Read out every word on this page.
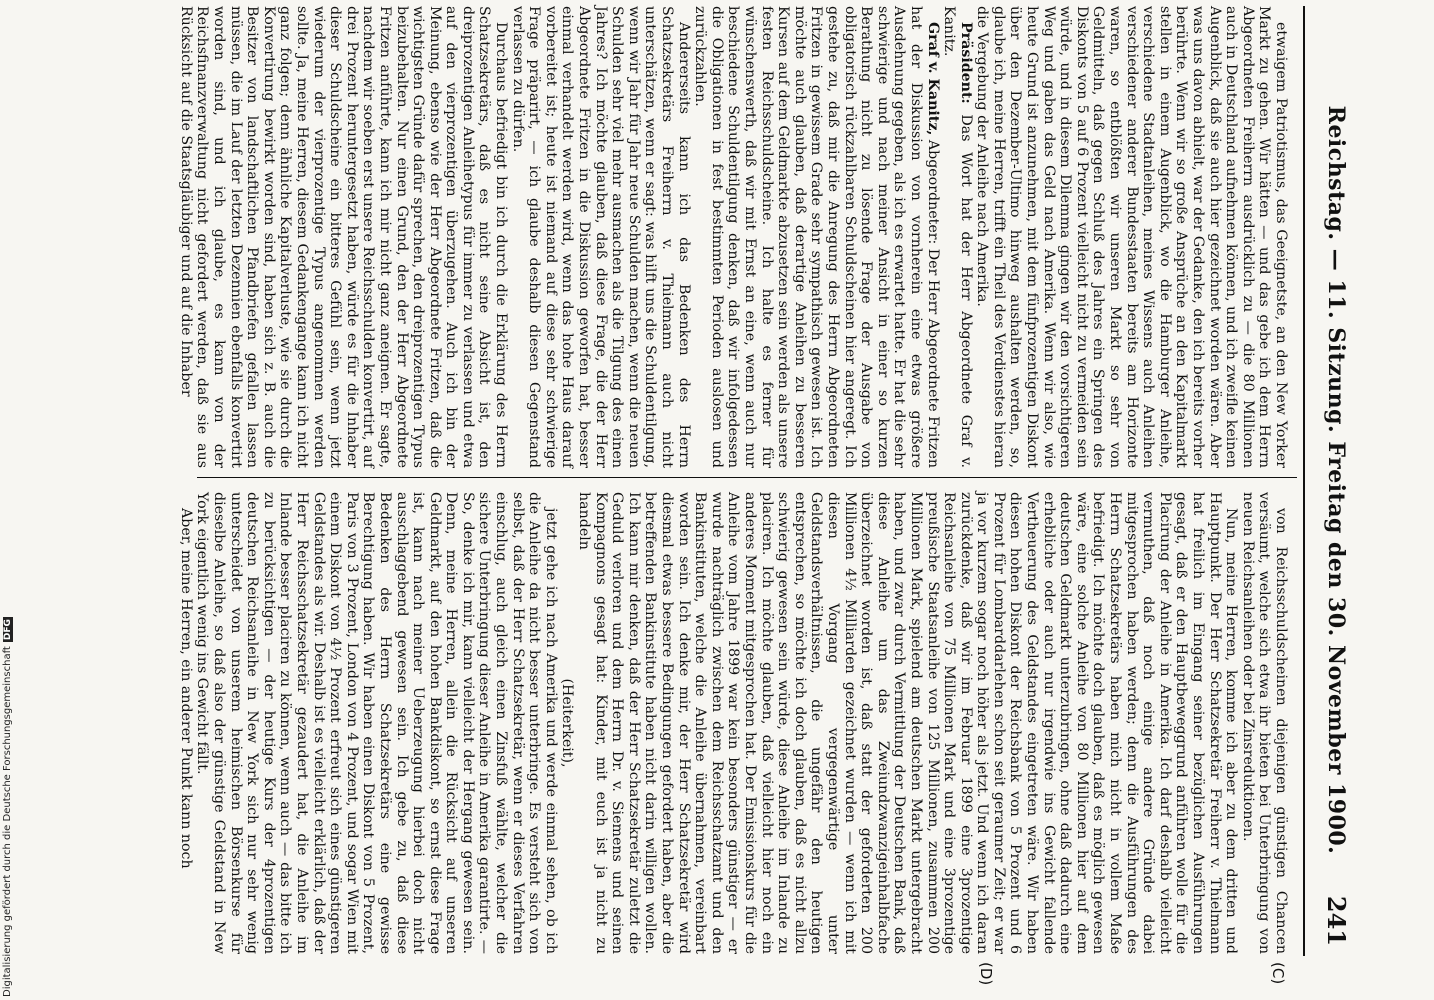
Reichstag. — 11. Sitzung. Freitag den 30. November 1900.
241
(C)
(D)

etwaigem Patriotismus, das Geeignetste, an den New Yorker Markt zu gehen. Wir hätten — und das gebe ich dem Herrn Abgeordneten Freiherrn ausdrücklich zu — die 80 Millionen auch in Deutschland aufnehmen können, und ich zweifle keinen Augenblick, daß sie auch hier gezeichnet worden wären. Aber was uns davon abhielt, war der Gedanke, den ich bereits vorher berührte. Wenn wir so große Ansprüche an den Kapitalmarkt stellen in einem Augenblick, wo die Hamburger Anleihe, verschiedene Stadtanleihen, meines Wissens auch Anleihen verschiedener anderer Bundesstaaten bereits am Horizonte waren, so entblößten wir unseren Markt so sehr von Geldmitteln, daß gegen Schluß des Jahres ein Springen des Diskonts von 5 auf 6 Prozent vielleicht nicht zu vermeiden sein würde, und in diesem Dilemma gingen wir den vorsichtigeren Weg und gaben das Geld nach Amerika. Wenn wir also, wie heute Grund ist anzunehmen, mit dem fünfprozentigen Diskont über den Dezember-Ultimo hinweg aushalten werden, so, glaube ich, meine Herren, trifft ein Theil des Verdienstes hieran die Vergebung der Anleihe nach Amerika.

Präsident: Das Wort hat der Herr Abgeordnete Graf v. Kanitz.

Graf v. Kanitz, Abgeordneter: Der Herr Abgeordnete Fritzen hat der Diskussion von vornherein eine etwas größere Ausdehnung gegeben, als ich es erwartet hatte. Er hat die sehr schwierige und nach meiner Ansicht in einer so kurzen Berathung nicht zu lösende Frage der Ausgabe von obligatorisch rückzahlbaren Schuldscheinen hier angeregt. Ich gestehe zu, daß mir die Anregung des Herrn Abgeordneten Fritzen in gewissem Grade sehr sympathisch gewesen ist. Ich möchte auch glauben, daß derartige Anleihen zu besseren Kursen auf dem Geldmarkte abzusetzen sein werden als unsere festen Reichsschuldscheine. Ich halte es ferner für wünschenswerth, daß wir mit Ernst an eine, wenn auch nur beschiedene Schuldentilgung denken, daß wir infolgedessen die Obligationen in fest bestimmten Perioden auslosen und zurückzahlen.

Andererseits kann ich das Bedenken des Herrn Schatzsekretärs Freiherrn v. Thielmann auch nicht unterschätzen, wenn er sagt: was hilft uns die Schuldentilgung, wenn wir Jahr für Jahr neue Schulden machen, wenn die neuen Schulden sehr viel mehr ausmachen als die Tilgung des einen Jahres? Ich möchte glauben, daß diese Frage, die der Herr Abgeordnete Fritzen in die Diskussion geworfen hat, besser einmal verhandelt werden wird, wenn das hohe Haus darauf vorbereitet ist; heute ist niemand auf diese sehr schwierige Frage präparirt, — ich glaube deshalb diesen Gegenstand verlassen zu dürfen.

Durchaus befriedigt bin ich durch die Erklärung des Herrn Schatzsekretärs, daß es nicht seine Absicht ist, den dreiprozentigen Anleihetypus für immer zu verlassen und etwa auf den vierprozentigen überzugehen. Auch ich bin der Meinung, ebenso wie der Herr Abgeordnete Fritzen, daß die wichtigsten Gründe dafür sprechen, den dreiprozentigen Typus beizubehalten. Nur einen Grund, den der Herr Abgeordnete Fritzen anführte, kann ich mir nicht ganz aneignen. Er sagte, nachdem wir soeben erst unsere Reichsschulden konvertirt, auf drei Prozent heruntergesetzt haben, würde es für die Inhaber dieser Schuldscheine ein bitteres Gefühl sein, wenn jetzt wiederum der vierprozentige Typus angenommen werden sollte. Ja, meine Herren, diesem Gedankengange kann ich nicht ganz folgen; denn ähnliche Kapitalverluste, wie sie durch die Konvertirung bewirkt worden sind, haben sich z. B. auch die Besitzer von landschaftlichen Pfandbriefen gefallen lassen müssen, die im Lauf der letzten Dezennien ebenfalls konvertirt worden sind, und ich glaube, es kann von der Reichsfinanzverwaltung nicht gefordert werden, daß sie aus Rücksicht auf die Staatsgläubiger und auf die Inhaber

von Reichsschuldscheinen diejenigen günstigen Chancen versäumt, welche sich etwa ihr bieten bei Unterbringung von neuen Reichsanleihen oder bei Zinsreduktionen.

Nun, meine Herren, komme ich aber zu dem dritten und Hauptpunkt. Der Herr Schatzsekretär Freiherr v. Thielmann hat freilich im Eingang seiner bezüglichen Ausführungen gesagt, daß er den Hauptbeweggrund anführen wolle für die Placirung der Anleihe in Amerika. Ich darf deshalb vielleicht vermuthen, daß noch einige andere Gründe dabei mitgesprochen haben werden; denn die Ausführungen des Herrn Schatzsekretärs haben mich nicht in vollem Maße befriedigt. Ich möchte doch glauben, daß es möglich gewesen wäre, eine solche Anleihe von 80 Millionen hier auf dem deutschen Geldmarkt unterzubringen, ohne daß dadurch eine erhebliche oder auch nur irgendwie ins Gewicht fallende Vertheuerung des Geldstandes eingetreten wäre. Wir haben diesen hohen Diskont der Reichsbank von 5 Prozent und 6 Prozent für Lombarddarlehen schon seit geraumer Zeit; er war ja vor kurzem sogar noch höher als jetzt. Und wenn ich daran zurückdenke, daß wir im Februar 1899 eine 3prozentige Reichsanleihe von 75 Millionen Mark und eine 3prozentige preußische Staatsanleihe von 125 Millionen, zusammen 200 Millionen Mark, spielend am deutschen Markt untergebracht haben, und zwar durch Vermittlung der Deutschen Bank, daß diese Anleihe um das Zweiundzwanzigeinhalbfache überzeichnet worden ist, daß statt der geforderten 200 Millionen 4½ Milliarden gezeichnet wurden — wenn ich mit diesen Vorgang vergegenwärtige unter Geldstandsverhältnissen, die ungefähr den heutigen entsprechen, so möchte ich doch glauben, daß es nicht allzu schwierig gewesen sein würde, diese Anleihe im Inlande zu placiren. Ich möchte glauben, daß vielleicht hier noch ein anderes Moment mitgesprochen hat. Der Emissionskurs für die Anleihe vom Jahre 1899 war kein besonders günstiger — er wurde nachträglich zwischen dem Reichsschatzamt und den Bankinstituten, welche die Anleihe übernahmen, vereinbart worden sein. Ich denke mir, der Herr Schatzsekretär wird diesmal etwas bessere Bedingungen gefordert haben, aber die betreffenden Bankinstitute haben nicht darin willigen wollen. Ich kann mir denken, daß der Herr Schatzsekretär zuletzt die Geduld verloren und dem Herrn Dr. v. Siemens und seinen Kompagnons gesagt hat: Kinder, mit euch ist ja nicht zu handeln

(Heiterkeit),

jetzt gehe ich nach Amerika und werde einmal sehen, ob ich die Anleihe da nicht besser unterbringe. Es versteht sich von selbst, daß der Herr Schatzsekretär, wenn er dieses Verfahren einschlug, auch gleich einen Zinsfuß wählte, welcher die sichere Unterbringung dieser Anleihe in Amerika garantirte. — So, denke ich mir, kann vielleicht der Hergang gewesen sein. Denn, meine Herren, allein die Rücksicht auf unseren Geldmarkt, auf den hohen Bankdiskont, so ernst diese Frage ist, kann nach meiner Ueberzeugung hierbei doch nicht ausschlaggebend gewesen sein. Ich gebe zu, daß diese Bedenken des Herrn Schatzsekretärs eine gewisse Berechtigung haben. Wir haben einen Diskont von 5 Prozent, Paris von 3 Prozent, London von 4 Prozent, und sogar Wien mit einem Diskont von 4½ Prozent erfreut sich eines günstigeren Geldstandes als wir. Deshalb ist es vielleicht erklärlich, daß der Herr Reichsschatzsekretär gezaudert hat, die Anleihe im Inlande besser placiren zu können, wenn auch — das bitte ich zu berücksichtigen — der heutige Kurs der 4prozentigen deutschen Reichsanleihe in New York sich nur sehr wenig unterscheidet von unserem heimischen Börsenkurse für dieselbe Anleihe, so daß also der günstige Geldstand in New York eigentlich wenig ins Gewicht fällt.

Aber, meine Herren, ein anderer Punkt kann noch

Digitalisierung gefördert durch die Deutsche ForschungsgemeinschaftDFG
